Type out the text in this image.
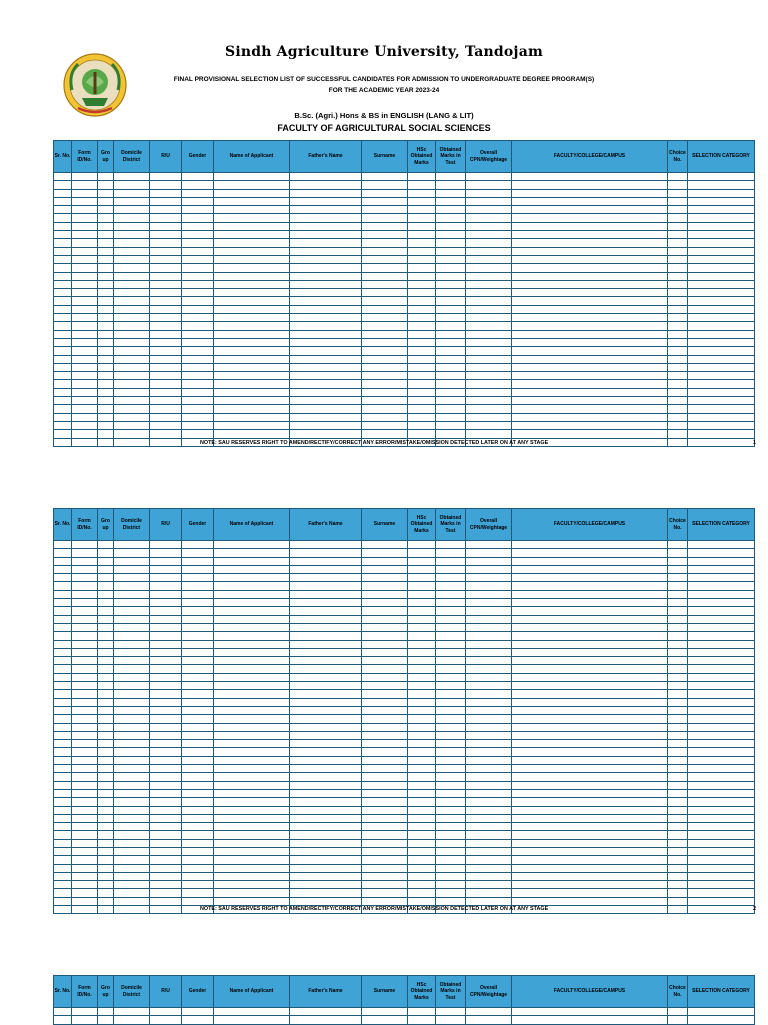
Sindh Agriculture University, Tandojam
FINAL PROVISIONAL SELECTION LIST OF SUCCESSFUL CANDIDATES FOR ADMISSION TO UNDERGRADUATE DEGREE PROGRAM(S)
FOR THE ACADEMIC YEAR 2023-24
B.Sc. (Agri.) Hons & BS in ENGLISH (LANG & LIT)
FACULTY OF AGRICULTURAL SOCIAL SCIENCES
Sr. No.	Form ID/No.	Gro up	Domicile District	R/U	Gender	Name of Applicant	Father's Name	Surname	HSc Obtained Marks	Obtained Marks in Test	Overall CPN/Weightage	FACULTY/COLLEGE/CAMPUS	Choice No.	SELECTION CATEGORY

NOTE: SAU RESERVES RIGHT TO AMEND/RECTIFY/CORRECT ANY ERROR/MISTAKE/OMISSION DETECTED LATER ON AT ANY STAGE	1
Sr. No.	Form ID/No.	Gro up	Domicile District	R/U	Gender	Name of Applicant	Father's Name	Surname	HSc Obtained Marks	Obtained Marks in Test	Overall CPN/Weightage	FACULTY/COLLEGE/CAMPUS	Choice No.	SELECTION CATEGORY

NOTE: SAU RESERVES RIGHT TO AMEND/RECTIFY/CORRECT ANY ERROR/MISTAKE/OMISSION DETECTED LATER ON AT ANY STAGE	2
Sr. No.	Form ID/No.	Gro up	Domicile District	R/U	Gender	Name of Applicant	Father's Name	Surname	HSc Obtained Marks	Obtained Marks in Test	Overall CPN/Weightage	FACULTY/COLLEGE/CAMPUS	Choice No.	SELECTION CATEGORY
